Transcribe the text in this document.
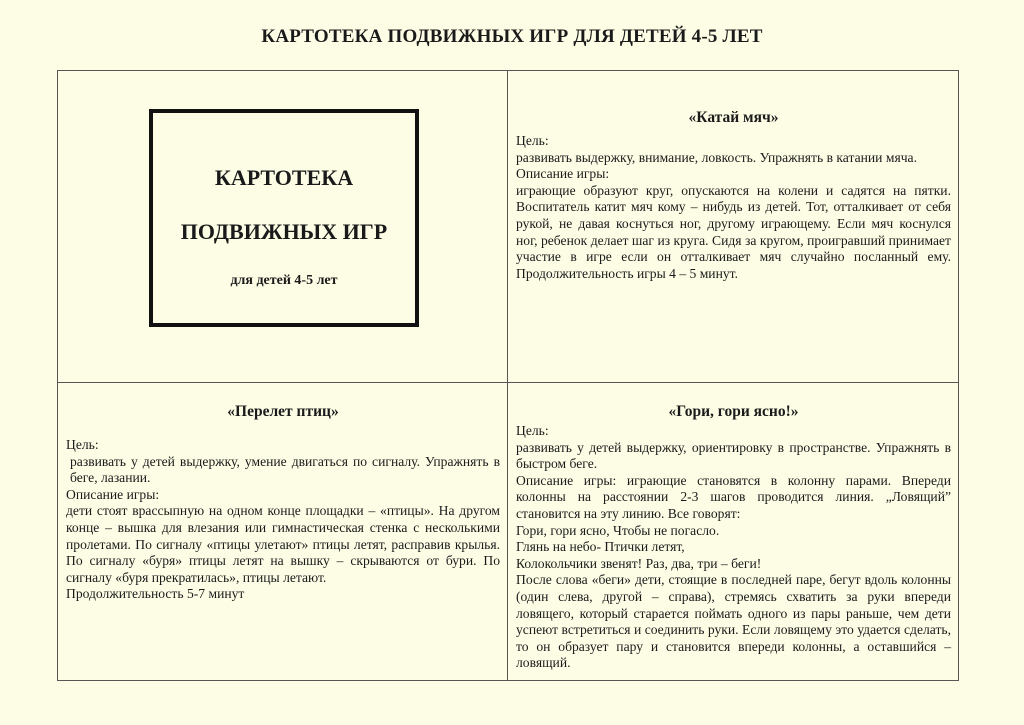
КАРТОТЕКА ПОДВИЖНЫХ ИГР ДЛЯ ДЕТЕЙ 4-5 ЛЕТ
КАРТОТЕКА
ПОДВИЖНЫХ ИГР
для детей 4-5 лет
«Катай мяч»

Цель:

развивать выдержку, внимание, ловкость. Упражнять в катании мяча.

Описание игры:

играющие образуют круг, опускаются на колени и садятся на пятки. Воспитатель катит мяч кому – нибудь из детей. Тот, отталкивает от себя рукой, не давая коснуться ног, другому играющему. Если мяч коснулся ног, ребенок делает шаг из круга. Сидя за кругом, проигравший принимает участие в игре если он отталкивает мяч случайно посланный ему. Продолжительность игры 4 – 5 минут.

«Перелет птиц»

Цель:

развивать у детей выдержку, умение двигаться по сигналу. Упражнять в беге, лазании.

Описание игры:

дети стоят врассыпную на одном конце площадки – «птицы». На другом конце – вышка для влезания или гимнастическая стенка с несколькими пролетами. По сигналу «птицы улетают» птицы летят, расправив крылья. По сигналу «буря» птицы летят на вышку – скрываются от бури. По сигналу «буря прекратилась», птицы летают.

Продолжительность 5-7 минут

«Гори, гори ясно!»

Цель:

развивать у детей выдержку, ориентировку в пространстве. Упражнять в быстром беге.

Описание игры: играющие становятся в колонну парами. Впереди колонны на расстоянии 2-3 шагов проводится линия. „Ловящий” становится на эту линию. Все говорят:

Гори, гори ясно, Чтобы не погасло.

Глянь на небо- Птички летят,

Колокольчики звенят! Раз, два, три – беги!

После слова «беги» дети, стоящие в последней паре, бегут вдоль колонны (один слева, другой – справа), стремясь схватить за руки впереди ловящего, который старается поймать одного из пары раньше, чем дети успеют встретиться и соединить руки. Если ловящему это удается сделать, то он образует пару и становится впереди колонны, а оставшийся – ловящий.
